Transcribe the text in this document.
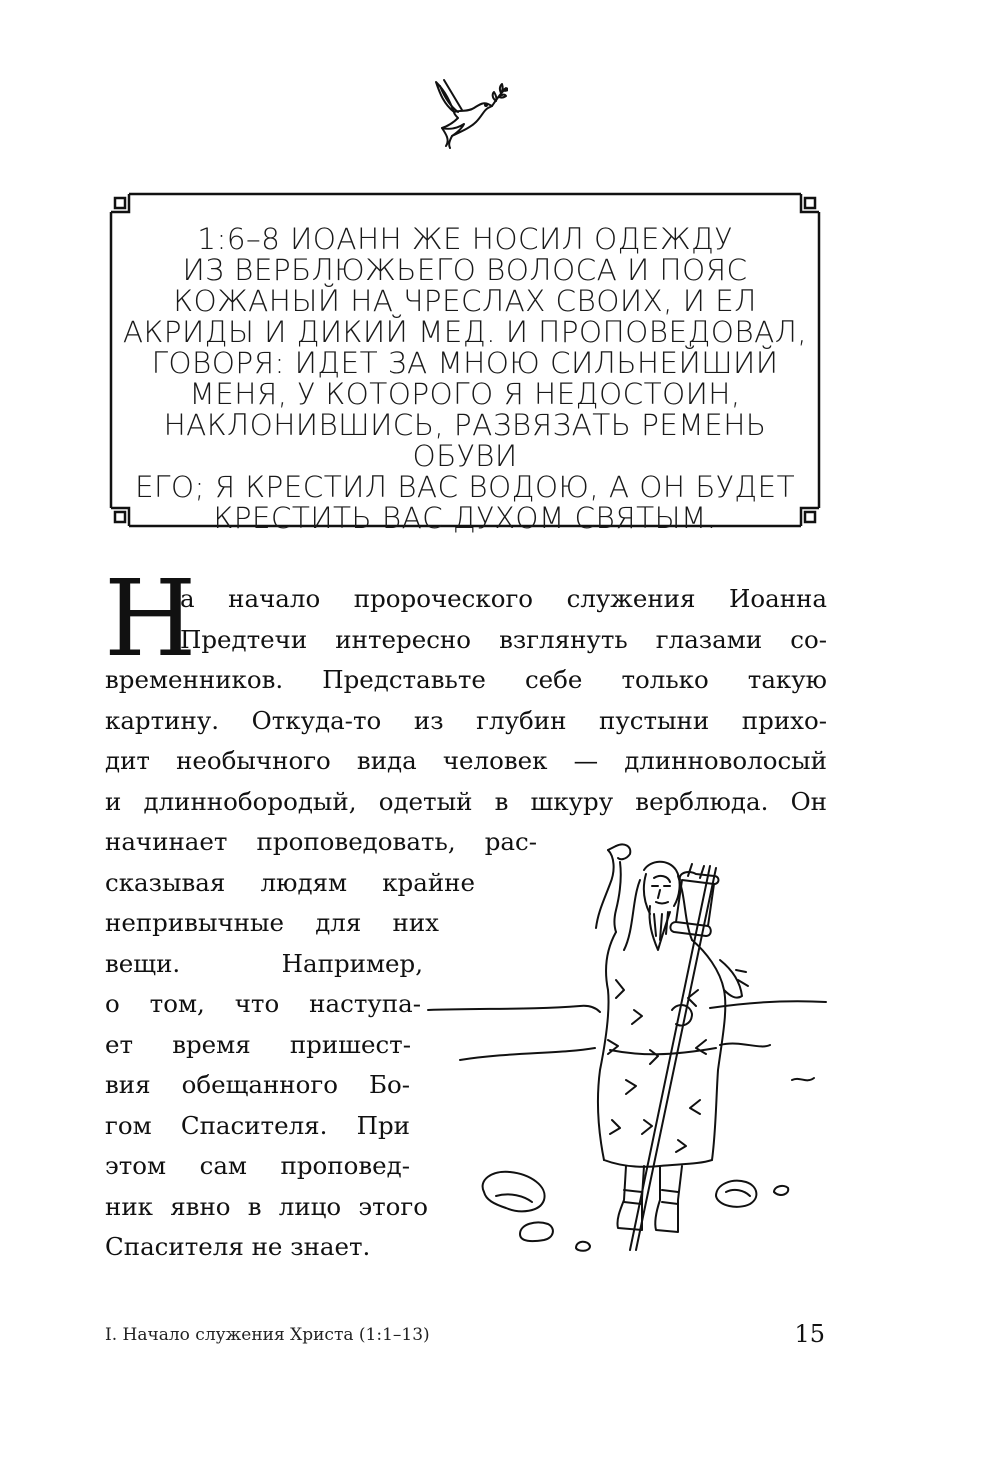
1:6–8 ИОАНН ЖЕ НОСИЛ ОДЕЖДУ
ИЗ ВЕРБЛЮЖЬЕГО ВОЛОСА И ПОЯС
КОЖАНЫЙ НА ЧРЕСЛАХ СВОИХ, И ЕЛ
АКРИДЫ И ДИКИЙ МЕД. И ПРОПОВЕДОВАЛ,
ГОВОРЯ: ИДЕТ ЗА МНОЮ СИЛЬНЕЙШИЙ
МЕНЯ, У КОТОРОГО Я НЕДОСТОИН,
НАКЛОНИВШИСЬ, РАЗВЯЗАТЬ РЕМЕНЬ ОБУВИ
ЕГО; Я КРЕСТИЛ ВАС ВОДОЮ, А ОН БУДЕТ
КРЕСТИТЬ ВАС ДУХОМ СВЯТЫМ.
Н
а начало пророческого служения Иоанна
Предтечи интересно взглянуть глазами со-
временников. Представьте себе только такую
картину. Откуда-то из глубин пустыни прихо-
дит необычного вида человек — длинноволосый
и длиннобородый, одетый в шкуру верблюда. Он
начинает проповедовать, рас-
сказывая людям крайне
непривычные для них
вещи. Например,
о том, что наступа-
ет время пришест-
вия обещанного Бо-
гом Спасителя. При
этом сам проповед-
ник явно в лицо этого
Спасителя не знает.
I. Начало служения Христа (1:1–13)	15
